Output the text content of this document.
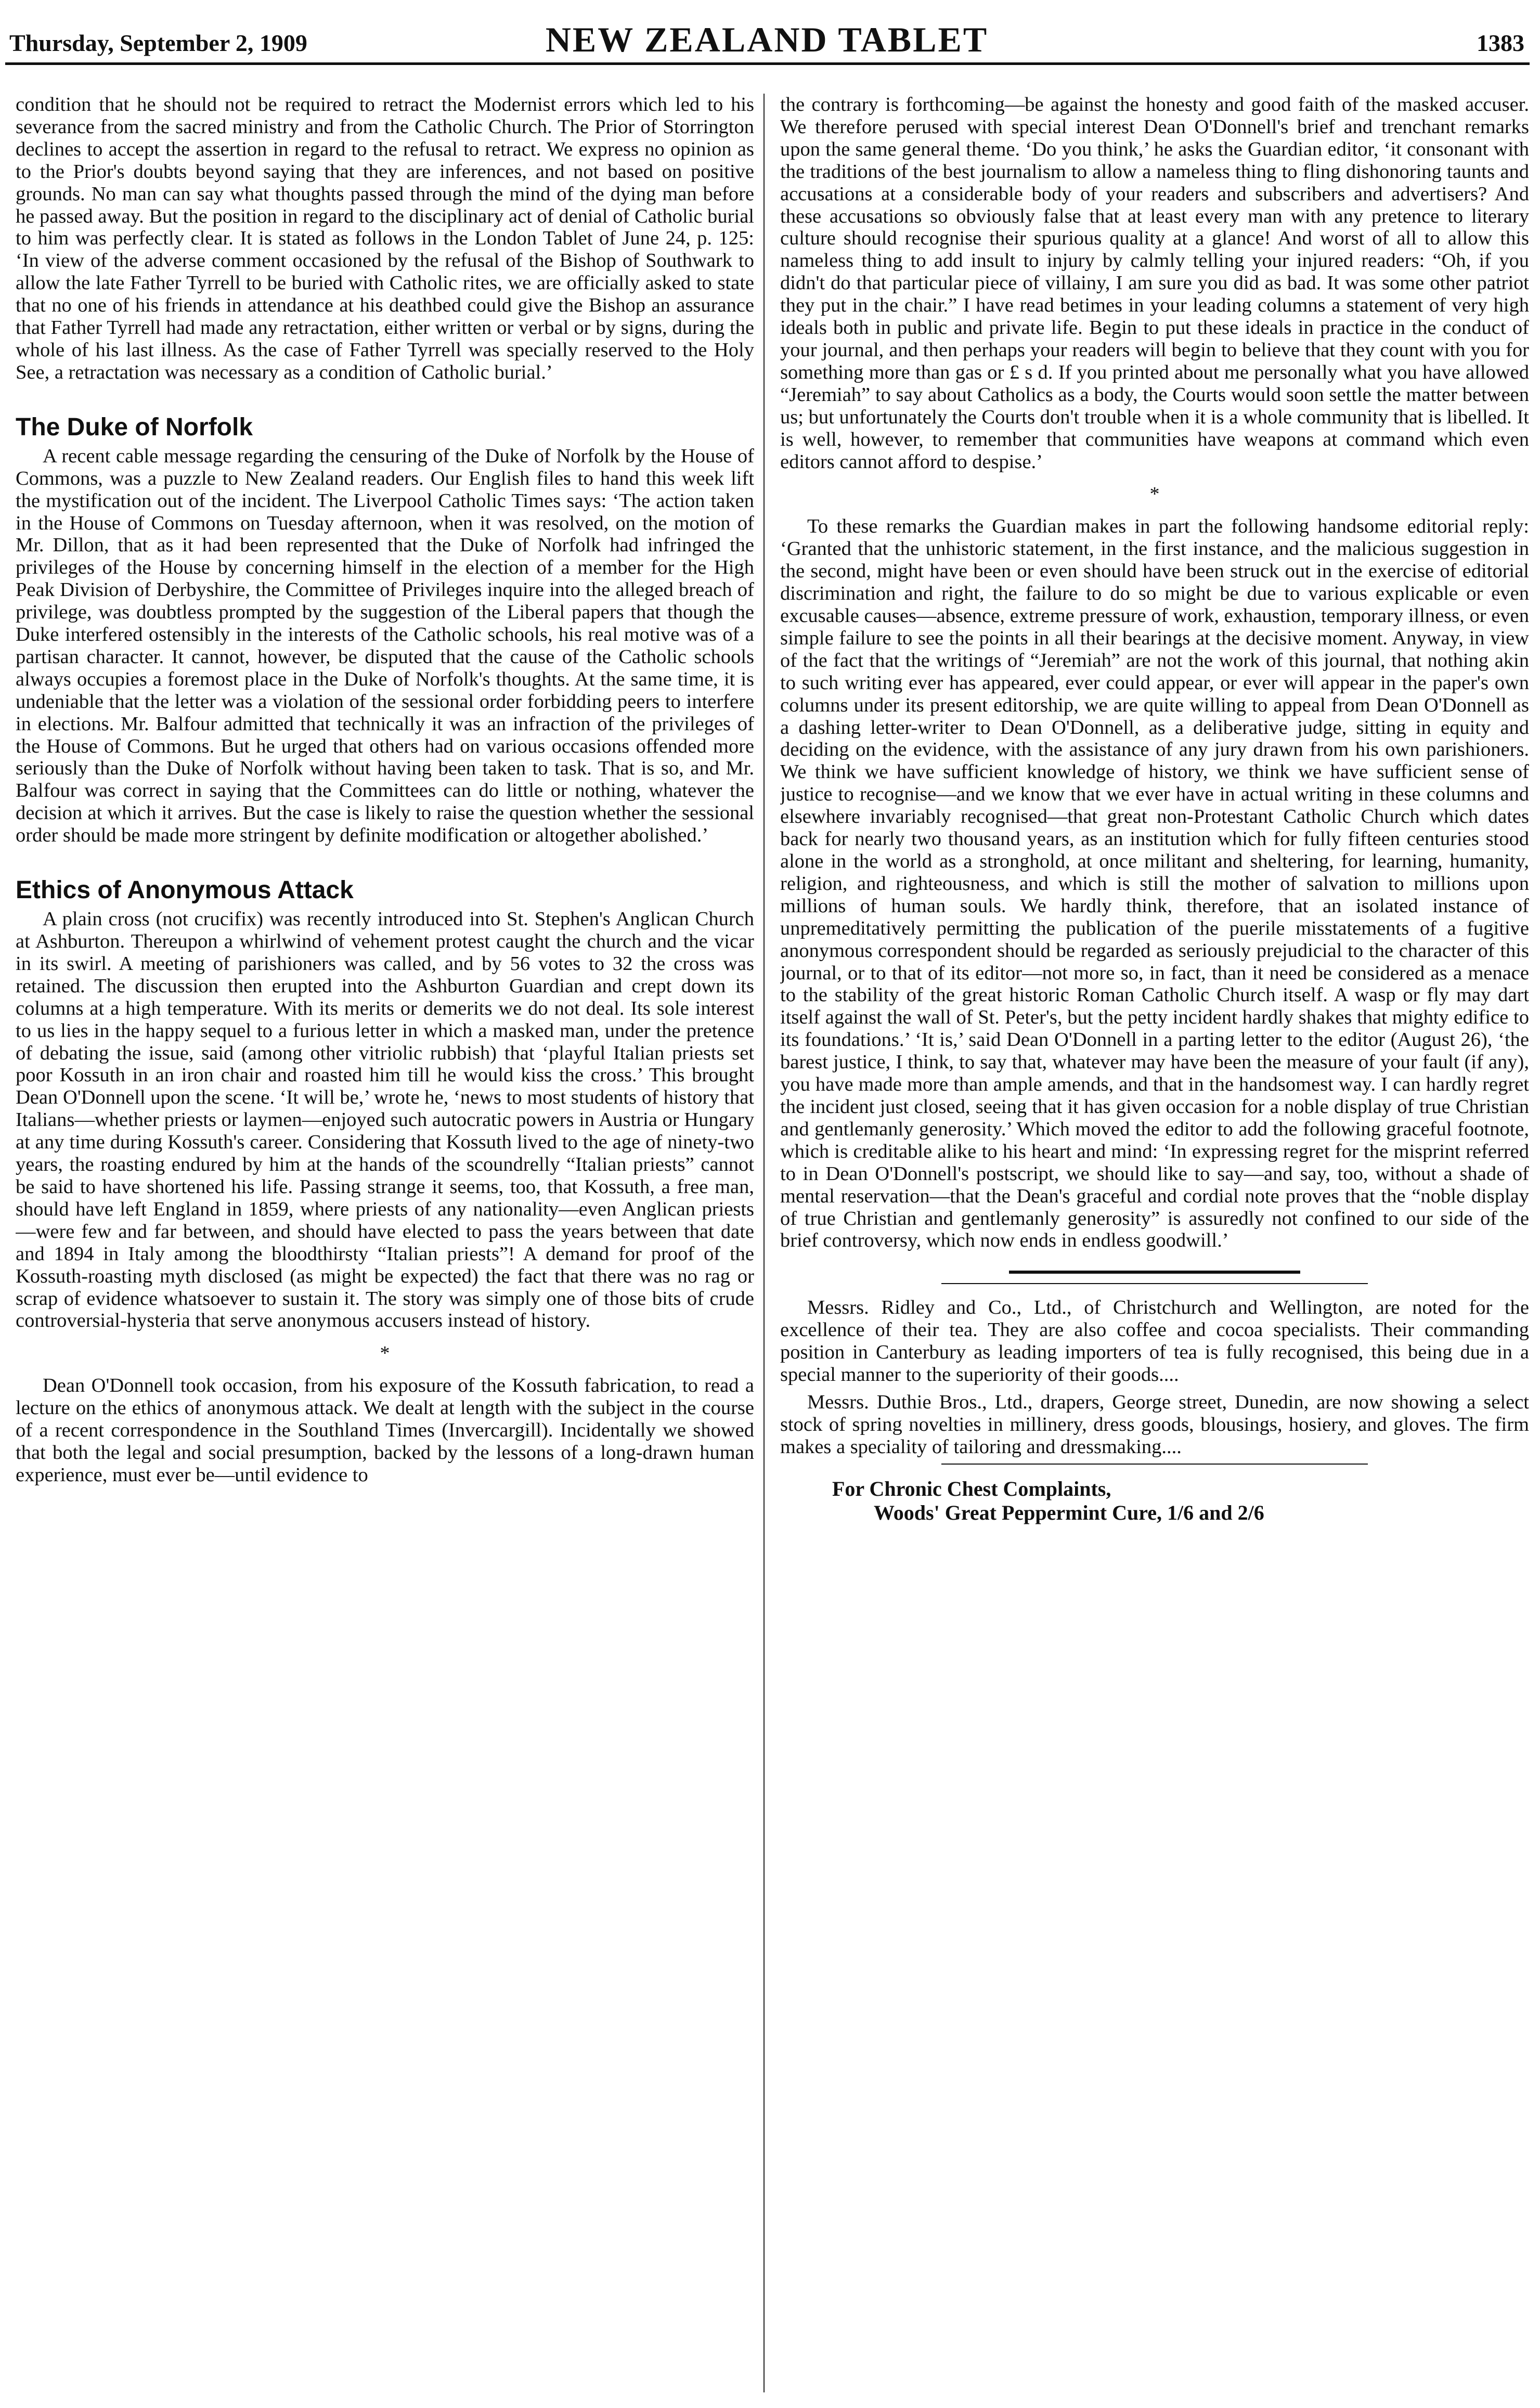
Thursday, September 2, 1909	NEW ZEALAND TABLET	1383

condition that he should not be required to retract the Modernist errors which led to his severance from the sacred ministry and from the Catholic Church. The Prior of Storrington declines to accept the assertion in regard to the refusal to retract. We express no opinion as to the Prior's doubts beyond saying that they are inferences, and not based on positive grounds. No man can say what thoughts passed through the mind of the dying man before he passed away. But the position in regard to the disciplinary act of denial of Catholic burial to him was perfectly clear. It is stated as follows in the London Tablet of June 24, p. 125: ‘In view of the adverse comment occasioned by the refusal of the Bishop of Southwark to allow the late Father Tyrrell to be buried with Catholic rites, we are officially asked to state that no one of his friends in attendance at his deathbed could give the Bishop an assurance that Father Tyrrell had made any retractation, either written or verbal or by signs, during the whole of his last illness. As the case of Father Tyrrell was specially reserved to the Holy See, a retractation was necessary as a condition of Catholic burial.’

The Duke of Norfolk

A recent cable message regarding the censuring of the Duke of Norfolk by the House of Commons, was a puzzle to New Zealand readers. Our English files to hand this week lift the mystification out of the incident. The Liverpool Catholic Times says: ‘The action taken in the House of Commons on Tuesday afternoon, when it was resolved, on the motion of Mr. Dillon, that as it had been represented that the Duke of Norfolk had infringed the privileges of the House by concerning himself in the election of a member for the High Peak Division of Derbyshire, the Committee of Privileges inquire into the alleged breach of privilege, was doubtless prompted by the suggestion of the Liberal papers that though the Duke interfered ostensibly in the interests of the Catholic schools, his real motive was of a partisan character. It cannot, however, be disputed that the cause of the Catholic schools always occupies a foremost place in the Duke of Norfolk's thoughts. At the same time, it is undeniable that the letter was a violation of the sessional order forbidding peers to interfere in elections. Mr. Balfour admitted that technically it was an infraction of the privileges of the House of Commons. But he urged that others had on various occasions offended more seriously than the Duke of Norfolk without having been taken to task. That is so, and Mr. Balfour was correct in saying that the Committees can do little or nothing, whatever the decision at which it arrives. But the case is likely to raise the question whether the sessional order should be made more stringent by definite modification or altogether abolished.’

Ethics of Anonymous Attack

A plain cross (not crucifix) was recently introduced into St. Stephen's Anglican Church at Ashburton. Thereupon a whirlwind of vehement protest caught the church and the vicar in its swirl. A meeting of parishioners was called, and by 56 votes to 32 the cross was retained. The discussion then erupted into the Ashburton Guardian and crept down its columns at a high temperature. With its merits or demerits we do not deal. Its sole interest to us lies in the happy sequel to a furious letter in which a masked man, under the pretence of debating the issue, said (among other vitriolic rubbish) that ‘playful Italian priests set poor Kossuth in an iron chair and roasted him till he would kiss the cross.’ This brought Dean O'Donnell upon the scene. ‘It will be,’ wrote he, ‘news to most students of history that Italians—whether priests or laymen—enjoyed such autocratic powers in Austria or Hungary at any time during Kossuth's career. Considering that Kossuth lived to the age of ninety-two years, the roasting endured by him at the hands of the scoundrelly “Italian priests” cannot be said to have shortened his life. Passing strange it seems, too, that Kossuth, a free man, should have left England in 1859, where priests of any nationality—even Anglican priests—were few and far between, and should have elected to pass the years between that date and 1894 in Italy among the bloodthirsty “Italian priests”! A demand for proof of the Kossuth-roasting myth disclosed (as might be expected) the fact that there was no rag or scrap of evidence whatsoever to sustain it. The story was simply one of those bits of crude controversial-hysteria that serve anonymous accusers instead of history.

*

Dean O'Donnell took occasion, from his exposure of the Kossuth fabrication, to read a lecture on the ethics of anonymous attack. We dealt at length with the subject in the course of a recent correspondence in the Southland Times (Invercargill). Incidentally we showed that both the legal and social presumption, backed by the lessons of a long-drawn human experience, must ever be—until evidence to

the contrary is forthcoming—be against the honesty and good faith of the masked accuser. We therefore perused with special interest Dean O'Donnell's brief and trenchant remarks upon the same general theme. ‘Do you think,’ he asks the Guardian editor, ‘it consonant with the traditions of the best journalism to allow a nameless thing to fling dishonoring taunts and accusations at a considerable body of your readers and subscribers and advertisers? And these accusations so obviously false that at least every man with any pretence to literary culture should recognise their spurious quality at a glance! And worst of all to allow this nameless thing to add insult to injury by calmly telling your injured readers: “Oh, if you didn't do that particular piece of villainy, I am sure you did as bad. It was some other patriot they put in the chair.” I have read betimes in your leading columns a statement of very high ideals both in public and private life. Begin to put these ideals in practice in the conduct of your journal, and then perhaps your readers will begin to believe that they count with you for something more than gas or £ s d. If you printed about me personally what you have allowed “Jeremiah” to say about Catholics as a body, the Courts would soon settle the matter between us; but unfortunately the Courts don't trouble when it is a whole community that is libelled. It is well, however, to remember that communities have weapons at command which even editors cannot afford to despise.’

*

To these remarks the Guardian makes in part the following handsome editorial reply: ‘Granted that the unhistoric statement, in the first instance, and the malicious suggestion in the second, might have been or even should have been struck out in the exercise of editorial discrimination and right, the failure to do so might be due to various explicable or even excusable causes—absence, extreme pressure of work, exhaustion, temporary illness, or even simple failure to see the points in all their bearings at the decisive moment. Anyway, in view of the fact that the writings of “Jeremiah” are not the work of this journal, that nothing akin to such writing ever has appeared, ever could appear, or ever will appear in the paper's own columns under its present editorship, we are quite willing to appeal from Dean O'Donnell as a dashing letter-writer to Dean O'Donnell, as a deliberative judge, sitting in equity and deciding on the evidence, with the assistance of any jury drawn from his own parishioners. We think we have sufficient knowledge of history, we think we have sufficient sense of justice to recognise—and we know that we ever have in actual writing in these columns and elsewhere invariably recognised—that great non-Protestant Catholic Church which dates back for nearly two thousand years, as an institution which for fully fifteen centuries stood alone in the world as a stronghold, at once militant and sheltering, for learning, humanity, religion, and righteousness, and which is still the mother of salvation to millions upon millions of human souls. We hardly think, therefore, that an isolated instance of unpremeditatively permitting the publication of the puerile misstatements of a fugitive anonymous correspondent should be regarded as seriously prejudicial to the character of this journal, or to that of its editor—not more so, in fact, than it need be considered as a menace to the stability of the great historic Roman Catholic Church itself. A wasp or fly may dart itself against the wall of St. Peter's, but the petty incident hardly shakes that mighty edifice to its foundations.’ ‘It is,’ said Dean O'Donnell in a parting letter to the editor (August 26), ‘the barest justice, I think, to say that, whatever may have been the measure of your fault (if any), you have made more than ample amends, and that in the handsomest way. I can hardly regret the incident just closed, seeing that it has given occasion for a noble display of true Christian and gentlemanly generosity.’ Which moved the editor to add the following graceful footnote, which is creditable alike to his heart and mind: ‘In expressing regret for the misprint referred to in Dean O'Donnell's postscript, we should like to say—and say, too, without a shade of mental reservation—that the Dean's graceful and cordial note proves that the “noble display of true Christian and gentlemanly generosity” is assuredly not confined to our side of the brief controversy, which now ends in endless goodwill.’

Messrs. Ridley and Co., Ltd., of Christchurch and Wellington, are noted for the excellence of their tea. They are also coffee and cocoa specialists. Their commanding position in Canterbury as leading importers of tea is fully recognised, this being due in a special manner to the superiority of their goods....

Messrs. Duthie Bros., Ltd., drapers, George street, Dunedin, are now showing a select stock of spring novelties in millinery, dress goods, blousings, hosiery, and gloves. The firm makes a speciality of tailoring and dressmaking....

For Chronic Chest Complaints,

Woods' Great Peppermint Cure, 1/6 and 2/6
